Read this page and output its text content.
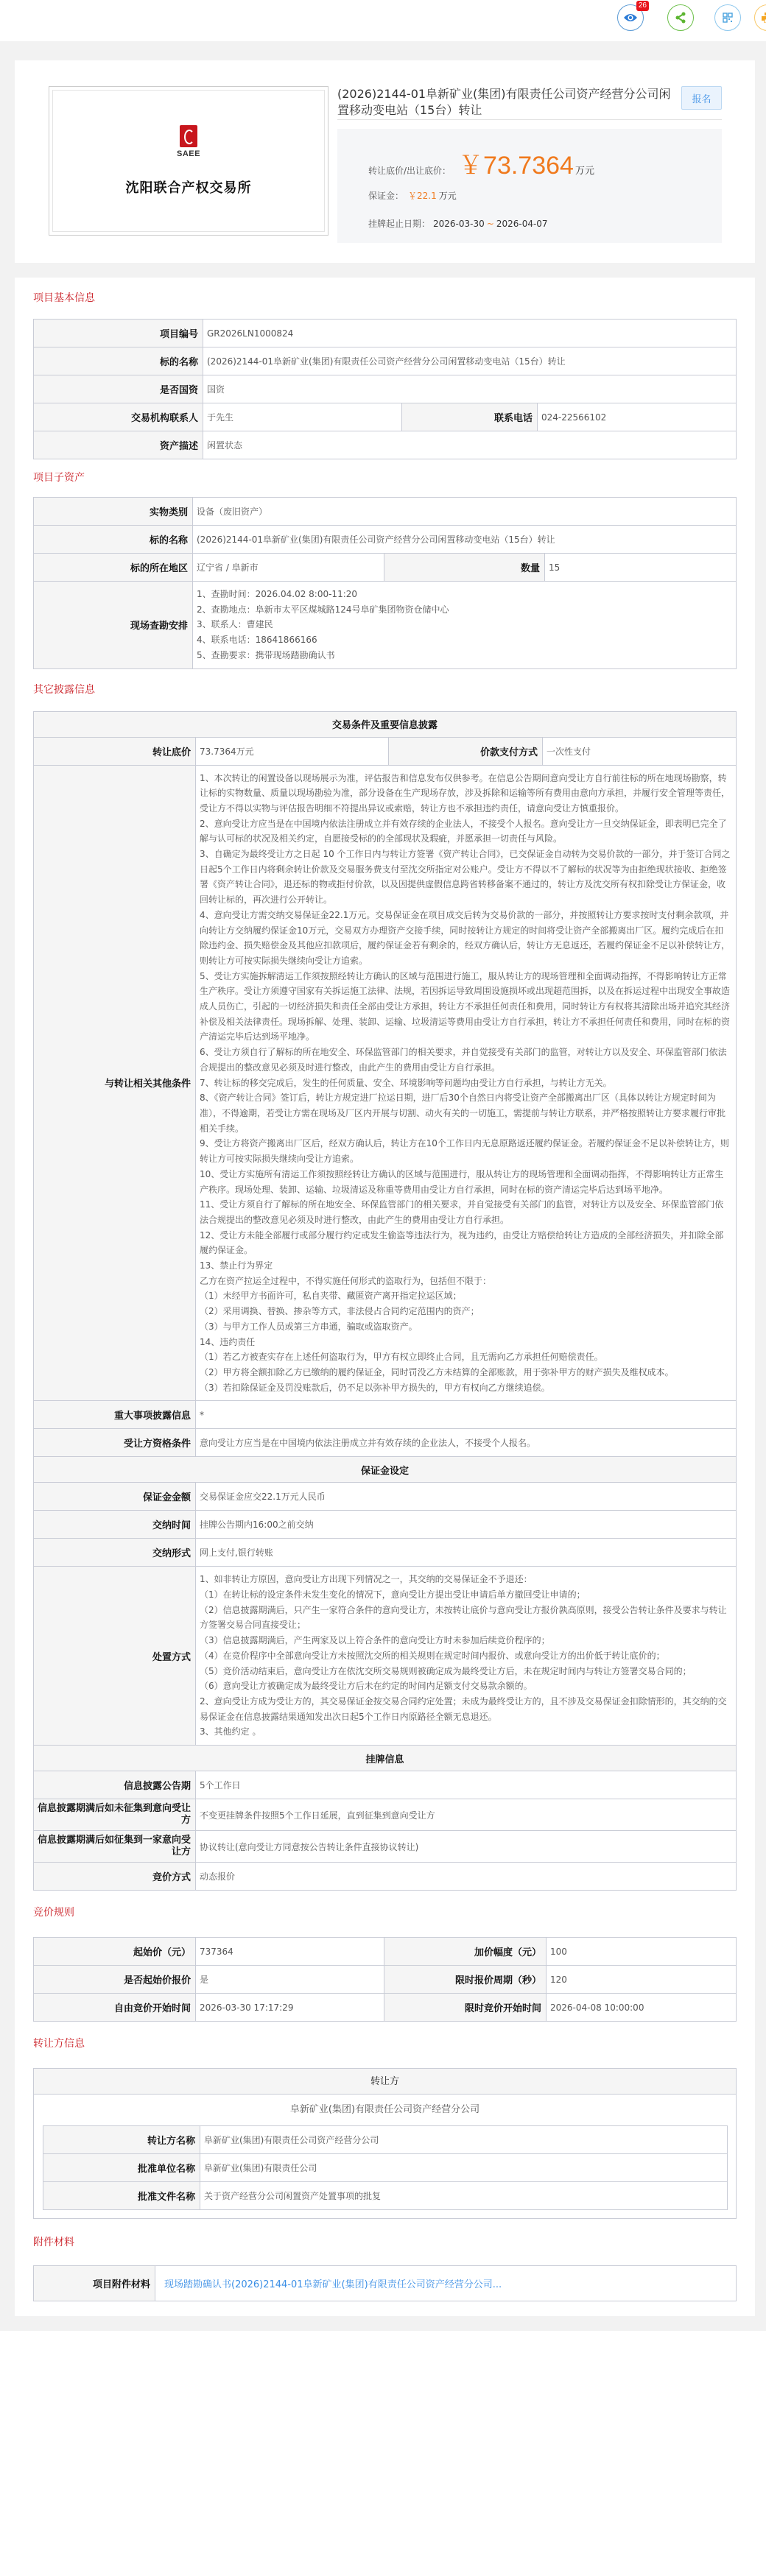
26
SAEE
沈阳联合产权交易所
(2026)2144-01阜新矿业(集团)有限责任公司资产经营分公司闲置移动变电站（15台）转让
报名
转让底价/出让底价： ￥73.7364 万元
保证金： ￥22.1 万元
挂牌起止日期： 2026-03-30 ~ 2026-04-07
项目基本信息
项目编号	GR2026LN1000824		
标的名称	(2026)2144-01阜新矿业(集团)有限责任公司资产经营分公司闲置移动变电站（15台）转让		
是否国资	国资		
交易机构联系人	于先生	联系电话	024-22566102
资产描述	闲置状态		
项目子资产
实物类别	设备（废旧资产）		
标的名称	(2026)2144-01阜新矿业(集团)有限责任公司资产经营分公司闲置移动变电站（15台）转让		
标的所在地区	辽宁省 / 阜新市	数量	15
现场查勘安排	1、查勘时间：2026.04.02 8:00-11:20
2、查勘地点：阜新市太平区煤城路124号阜矿集团物资仓储中心
3、联系人：曹建民
4、联系电话：18641866166
5、查勘要求：携带现场踏勘确认书		
其它披露信息
交易条件及重要信息披露			
转让底价	73.7364万元	价款支付方式	一次性支付
与转让相关其他条件	
1、本次转让的闲置设备以现场展示为准，评估报告和信息发布仅供参考。在信息公告期间意向受让方自行前往标的所在地现场勘察，转让标的实物数量、质量以现场勘验为准，部分设备在生产现场存放，涉及拆除和运输等所有费用由意向方承担，并履行安全管理等责任，受让方不得以实物与评估报告明细不符提出异议或索赔，转让方也不承担违约责任，请意向受让方慎重报价。
2、意向受让方应当是在中国境内依法注册成立并有效存续的企业法人，不接受个人报名。意向受让方一旦交纳保证金，即表明已完全了解与认可标的状况及相关约定，自愿接受标的的全部现状及瑕疵，并愿承担一切责任与风险。
3、自确定为最终受让方之日起 10 个工作日内与转让方签署《资产转让合同》，已交保证金自动转为交易价款的一部分，并于签订合同之日起5个工作日内将剩余转让价款及交易服务费支付至沈交所指定对公账户。受让方不得以不了解标的状况等为由拒绝现状接收、拒绝签署《资产转让合同》，退还标的物或拒付价款，以及因提供虚假信息跨省转移备案不通过的，转让方及沈交所有权扣除受让方保证金，收回转让标的，再次进行公开转让。
4、意向受让方需交纳交易保证金22.1万元。交易保证金在项目成交后转为交易价款的一部分，并按照转让方要求按时支付剩余款项，并向转让方交纳履约保证金10万元，交易双方办理资产交接手续，同时按转让方规定的时间将受让资产全部搬离出厂区。履约完成后在扣除违约金、损失赔偿金及其他应扣款项后，履约保证金若有剩余的，经双方确认后，转让方无息返还，若履约保证金不足以补偿转让方，则转让方可按实际损失继续向受让方追索。
5、受让方实施拆解清运工作须按照经转让方确认的区域与范围进行施工，服从转让方的现场管理和全面调动指挥，不得影响转让方正常生产秩序。受让方须遵守国家有关拆运施工法律、法规，若因拆运导致周围设施损坏或出现超范围拆，以及在拆运过程中出现安全事故造成人员伤亡，引起的一切经济损失和责任全部由受让方承担，转让方不承担任何责任和费用，同时转让方有权将其清除出场并追究其经济补偿及相关法律责任。现场拆解、处理、装卸、运输、垃圾清运等费用由受让方自行承担，转让方不承担任何责任和费用，同时在标的资产清运完毕后达到场平地净。
6、受让方须自行了解标的所在地安全、环保监管部门的相关要求，并自觉接受有关部门的监管，对转让方以及安全、环保监管部门依法合规提出的整改意见必须及时进行整改，由此产生的费用由受让方自行承担。
7、转让标的移交完成后，发生的任何质量、安全、环境影响等问题均由受让方自行承担，与转让方无关。
8、《资产转让合同》签订后，转让方规定进厂拉运日期，进厂后30个自然日内将受让资产全部搬离出厂区（具体以转让方规定时间为准），不得逾期，若受让方需在现场及厂区内开展与切割、动火有关的一切施工，需提前与转让方联系，并严格按照转让方要求履行审批相关手续。
9、受让方将资产搬离出厂区后，经双方确认后，转让方在10个工作日内无息原路返还履约保证金。若履约保证金不足以补偿转让方，则转让方可按实际损失继续向受让方追索。
10、受让方实施所有清运工作须按照经转让方确认的区域与范围进行，服从转让方的现场管理和全面调动指挥，不得影响转让方正常生产秩序。现场处理、装卸、运输、垃圾清运及称重等费用由受让方自行承担，同时在标的资产清运完毕后达到场平地净。
11、受让方须自行了解标的所在地安全、环保监管部门的相关要求，并自觉接受有关部门的监管，对转让方以及安全、环保监管部门依法合规提出的整改意见必须及时进行整改，由此产生的费用由受让方自行承担。
12、受让方未能全部履行或部分履行约定或发生偷盗等违法行为，视为违约，由受让方赔偿给转让方造成的全部经济损失，并扣除全部履约保证金。
13、禁止行为界定
乙方在资产拉运全过程中，不得实施任何形式的盗取行为，包括但不限于：
（1）未经甲方书面许可，私自夹带、藏匿资产离开指定拉运区域；
（2）采用调换、替换、掺杂等方式，非法侵占合同约定范围内的资产；
（3）与甲方工作人员或第三方串通，骗取或盗取资产。
14、违约责任
（1）若乙方被查实存在上述任何盗取行为，甲方有权立即终止合同，且无需向乙方承担任何赔偿责任。
（2）甲方将全额扣除乙方已缴纳的履约保证金，同时罚没乙方未结算的全部账款，用于弥补甲方的财产损失及维权成本。
（3）若扣除保证金及罚没账款后，仍不足以弥补甲方损失的，甲方有权向乙方继续追偿。

重大事项披露信息	*		
受让方资格条件	意向受让方应当是在中国境内依法注册成立并有效存续的企业法人，不接受个人报名。		
保证金设定			
保证金金额	交易保证金应交22.1万元人民币		
交纳时间	挂牌公告期内16:00之前交纳		
交纳形式	网上支付,银行转账		
处置方式	
1、如非转让方原因，意向受让方出现下列情况之一，其交纳的交易保证金不予退还：
（1）在转让标的设定条件未发生变化的情况下，意向受让方提出受让申请后单方撤回受让申请的；
（2）信息披露期满后，只产生一家符合条件的意向受让方，未按转让底价与意向受让方报价孰高原则，接受公告转让条件及要求与转让方签署交易合同直接受让；
（3）信息披露期满后，产生两家及以上符合条件的意向受让方时未参加后续竞价程序的；
（4）在竞价程序中全部意向受让方未按照沈交所的相关规则在规定时间内报价、或意向受让方的出价低于转让底价的；
（5）竞价活动结束后，意向受让方在依沈交所交易规则被确定成为最终受让方后，未在规定时间内与转让方签署交易合同的；
（6）意向受让方被确定成为最终受让方后未在约定的时间内足额支付交易款余额的。
2、意向受让方成为受让方的，其交易保证金按交易合同约定处置；未成为最终受让方的，且不涉及交易保证金扣除情形的，其交纳的交易保证金在信息披露结果通知发出次日起5个工作日内原路径全额无息退还。
3、其他约定 。

挂牌信息			
信息披露公告期	5个工作日		
信息披露期满后如未征集到意向受让方	不变更挂牌条件按照5个工作日延展，直到征集到意向受让方		
信息披露期满后如征集到一家意向受让方	协议转让(意向受让方同意按公告转让条件直接协议转让)		
竞价方式	动态报价		
竞价规则
起始价（元）	737364	加价幅度（元）	100
是否起始价报价	是	限时报价周期（秒）	120
自由竞价开始时间	2026-03-30 17:17:29	限时竞价开始时间	2026-04-08 10:00:00
转让方信息
转让方
阜新矿业(集团)有限责任公司资产经营分公司
转让方名称	阜新矿业(集团)有限责任公司资产经营分公司
批准单位名称	阜新矿业(集团)有限责任公司
批准文件名称	关于资产经营分公司闲置资产处置事项的批复
附件材料
项目附件材料	现场踏勘确认书(2026)2144-01阜新矿业(集团)有限责任公司资产经营分公司...
